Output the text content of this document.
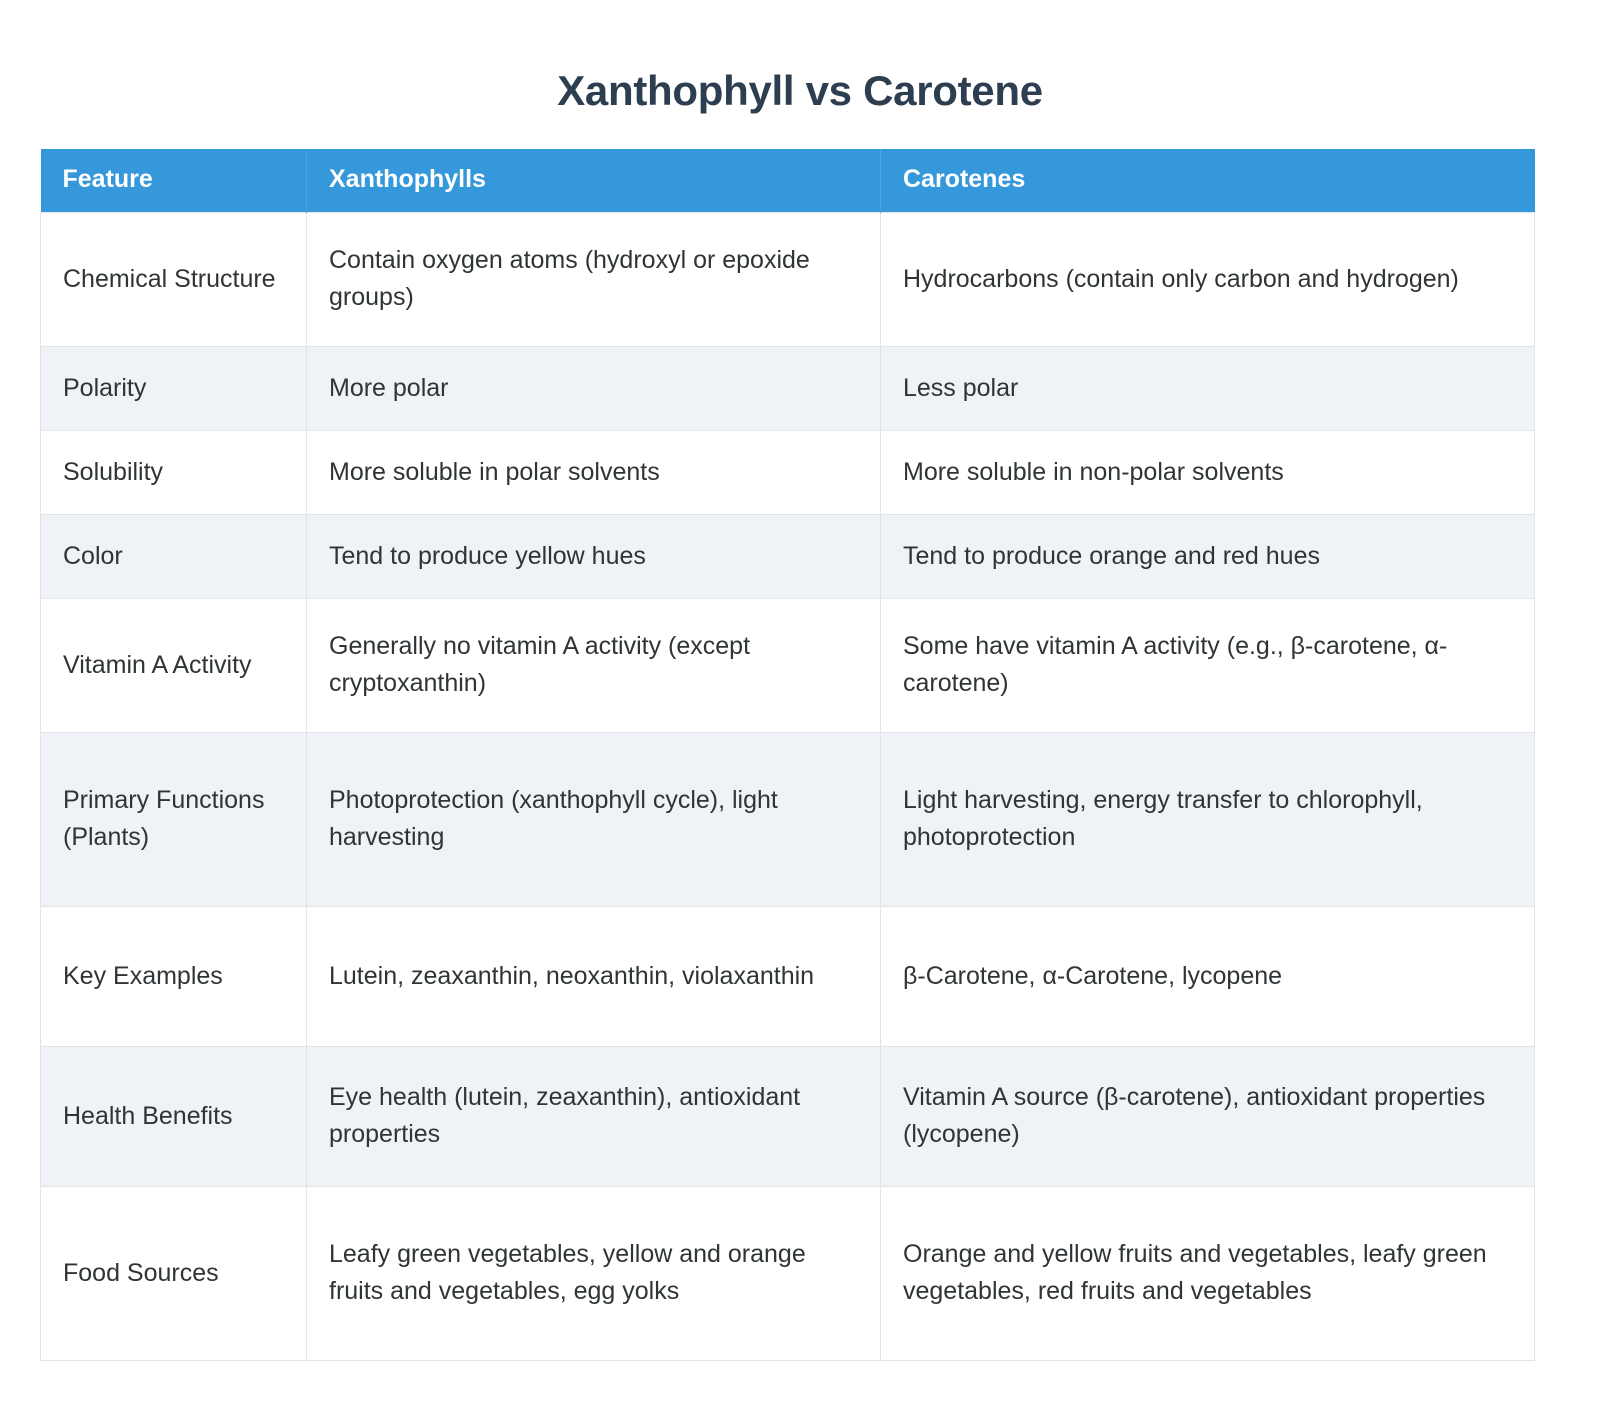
Xanthophyll vs Carotene
Feature	Xanthophylls	Carotenes
Chemical Structure	Contain oxygen atoms (hydroxyl or epoxide groups)	Hydrocarbons (contain only carbon and hydrogen)
Polarity	More polar	Less polar
Solubility	More soluble in polar solvents	More soluble in non-polar solvents
Color	Tend to produce yellow hues	Tend to produce orange and red hues
Vitamin A Activity	Generally no vitamin A activity (except cryptoxanthin)	Some have vitamin A activity (e.g., β-carotene, α-carotene)
Primary Functions (Plants)	Photoprotection (xanthophyll cycle), light harvesting	Light harvesting, energy transfer to chlorophyll, photoprotection
Key Examples	Lutein, zeaxanthin, neoxanthin, violaxanthin	β-Carotene, α-Carotene, lycopene
Health Benefits	Eye health (lutein, zeaxanthin), antioxidant properties	Vitamin A source (β-carotene), antioxidant properties (lycopene)
Food Sources	Leafy green vegetables, yellow and orange fruits and vegetables, egg yolks	Orange and yellow fruits and vegetables, leafy green vegetables, red fruits and vegetables
